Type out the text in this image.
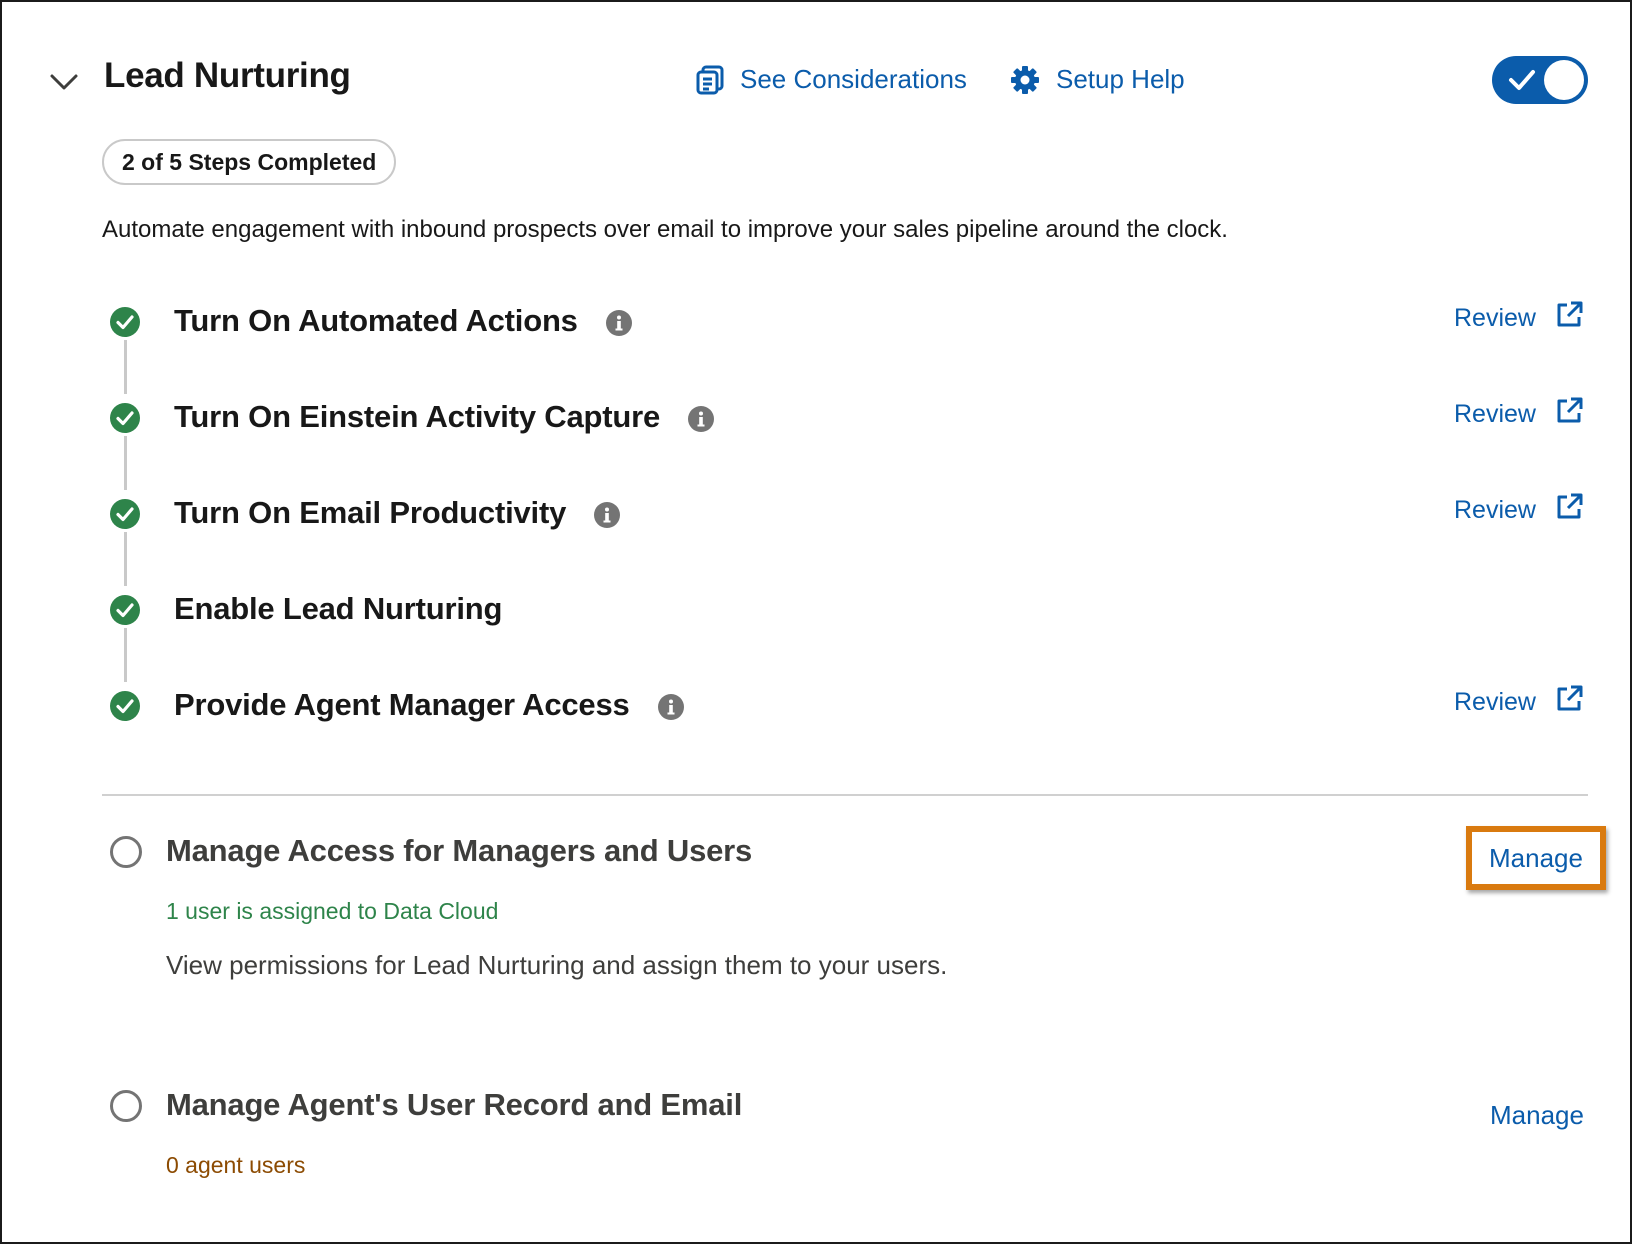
Lead Nurturing	See Considerations	Setup Help
2 of 5 Steps Completed
Automate engagement with inbound prospects over email to improve your sales pipeline around the clock.
Turn On Automated Actions	Review
Turn On Einstein Activity Capture	Review
Turn On Email Productivity	Review
Enable Lead Nurturing
Provide Agent Manager Access	Review
Manage Access for Managers and Users
1 user is assigned to Data Cloud
View permissions for Lead Nurturing and assign them to your users.
Manage
Manage Agent's User Record and Email
0 agent users
Manage
